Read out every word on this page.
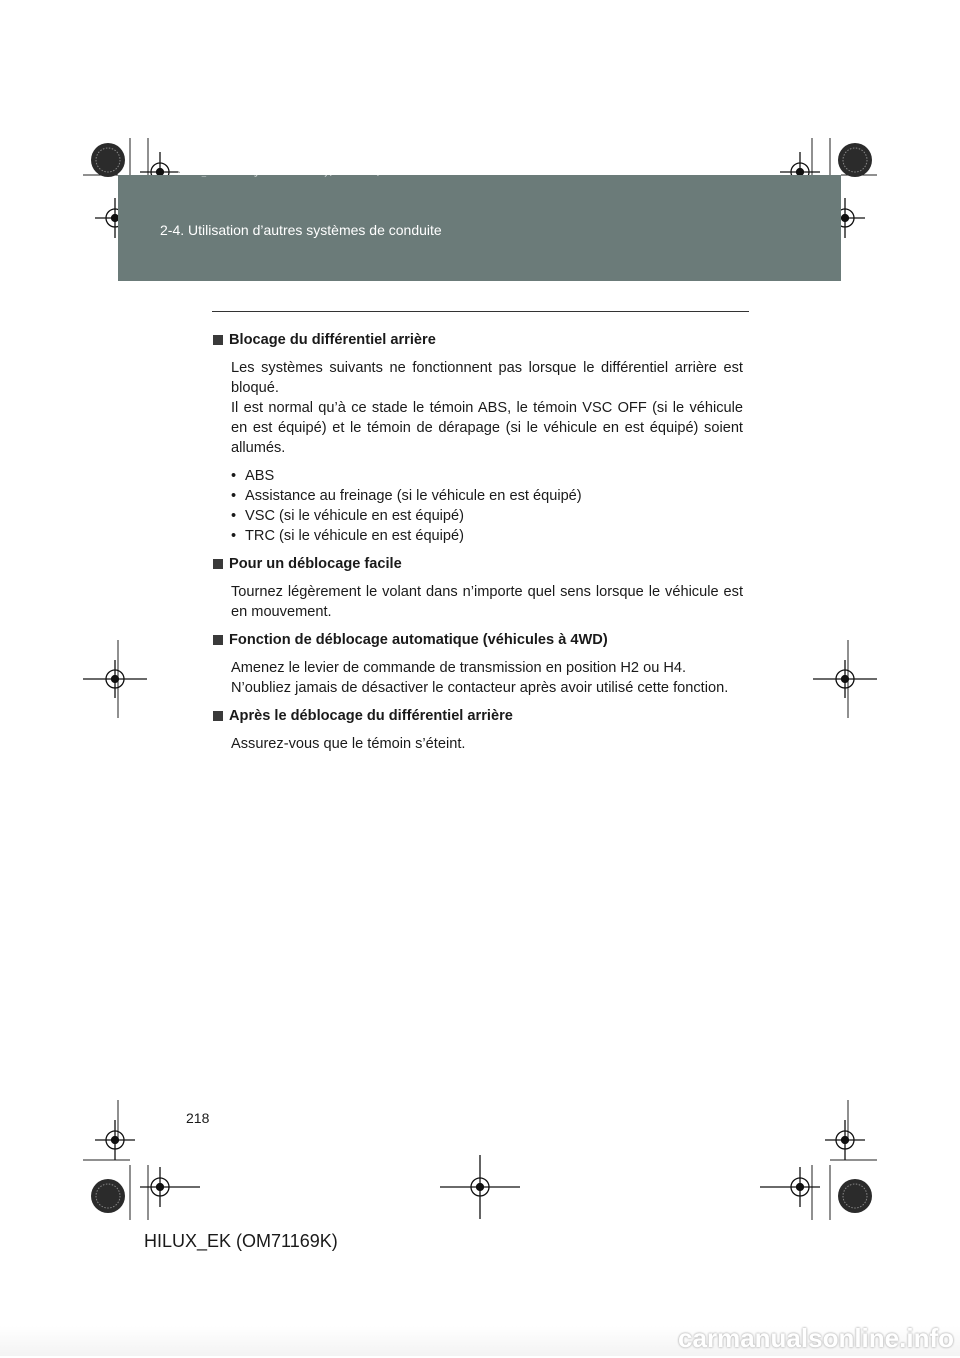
HILUX_EK.book Page 218 Wednesday, March 23, 2011 3:03 PM
2-4. Utilisation d’autres systèmes de conduite
Blocage du différentiel arrière

Les systèmes suivants ne fonctionnent pas lorsque le différentiel arrière est bloqué.
Il est normal qu’à ce stade le témoin ABS, le témoin VSC OFF (si le véhicule en est équipé) et le témoin de dérapage (si le véhicule en est équipé) soient allumés.

• ABS
• Assistance au freinage (si le véhicule en est équipé)
• VSC (si le véhicule en est équipé)
• TRC (si le véhicule en est équipé)
Pour un déblocage facile

Tournez légèrement le volant dans n’importe quel sens lorsque le véhicule est en mouvement.

Fonction de déblocage automatique (véhicules à 4WD)

Amenez le levier de commande de transmission en position H2 ou H4.
N’oubliez jamais de désactiver le contacteur après avoir utilisé cette fonction.

Après le déblocage du différentiel arrière

Assurez-vous que le témoin s’éteint.

218
HILUX_EK (OM71169K)
carmanualsonline.info
